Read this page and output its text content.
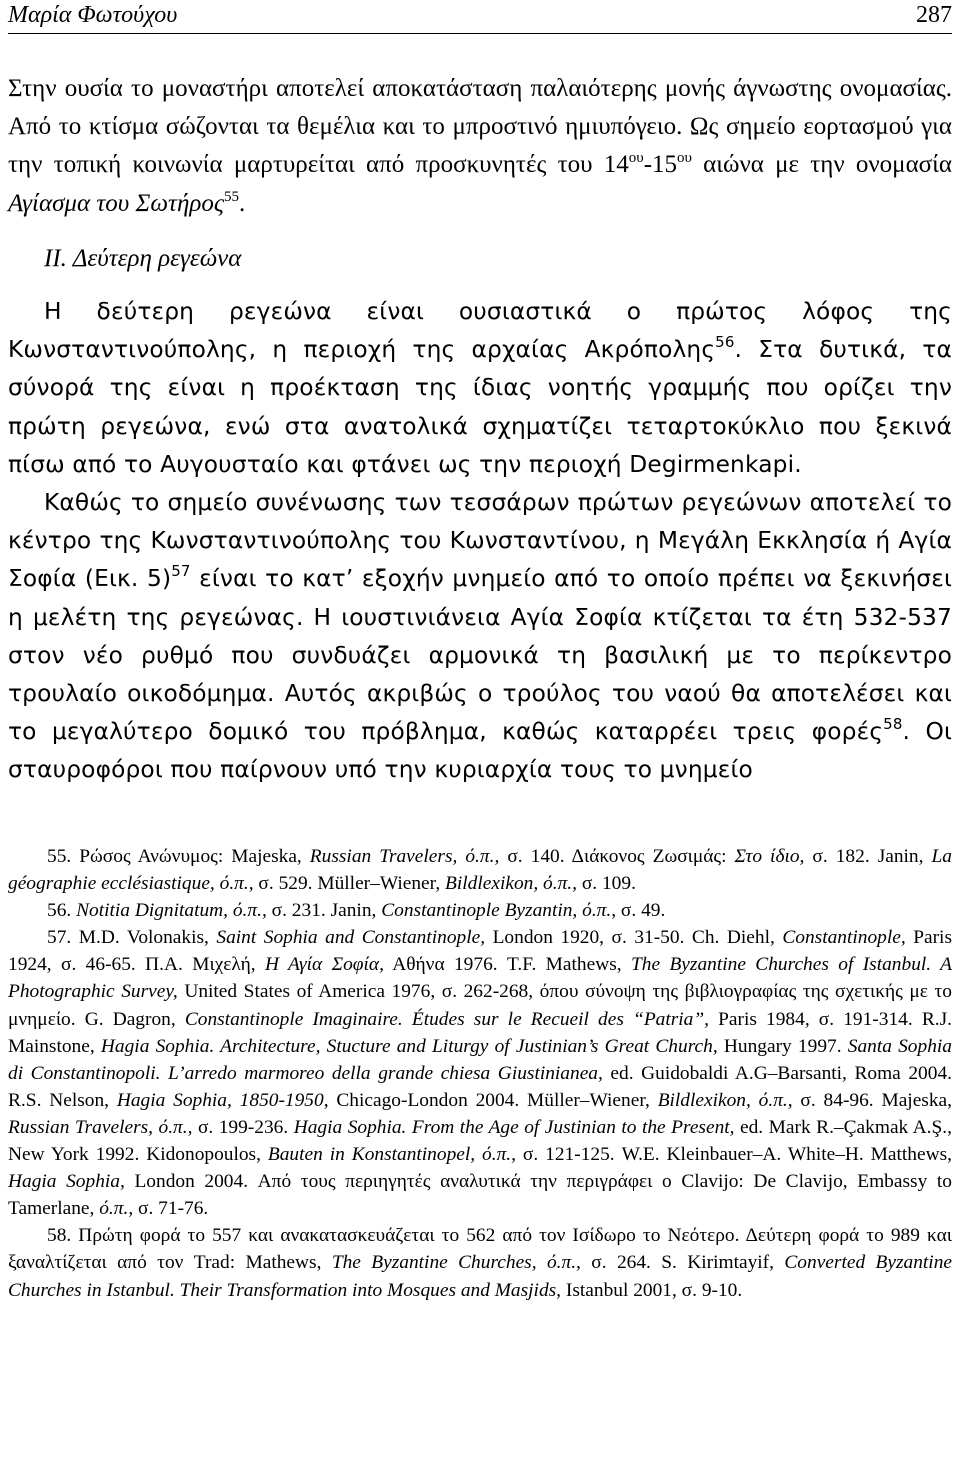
Μαρία Φωτούχου	287

Στην ουσία το μοναστήρι αποτελεί αποκατάσταση παλαιότερης μονής άγνωστης ονομασίας. Από το κτίσμα σώζονται τα θεμέλια και το μπροστινό ημιυπόγειο. Ως σημείο εορτασμού για την τοπική κοινωνία μαρτυρείται από προσκυνητές του $14^{o\upsilon}-15^{o\upsilon}$ αιώνα με την ονομασία Αγίασμα του Σωτήρος$^{55}$.

ΙΙ. Δεύτερη ρεγεώνα

Η δεύτερη ρεγεώνα είναι ουσιαστικά ο πρώτος λόφος της Κωνσταντινούπολης, η περιοχή της αρχαίας Ακρόπολης$^{56}$. Στα δυτικά, τα σύνορά της είναι η προέκταση της ίδιας νοητής γραμμής που ορίζει την πρώτη ρεγεώνα, ενώ στα ανατολικά σχηματίζει τεταρτοκύκλιο που ξεκινά πίσω από το Αυγουσταίο και φτάνει ως την περιοχή Degirmenkapi.

Καθώς το σημείο συνένωσης των τεσσάρων πρώτων ρεγεώνων αποτελεί το κέντρο της Κωνσταντινούπολης του Κωνσταντίνου, η Μεγάλη Εκκλησία ή Αγία Σοφία (Εικ. 5)$^{57}$ είναι το κατ’ εξοχήν μνημείο από το οποίο πρέπει να ξεκινήσει η μελέτη της ρεγεώνας. Η ιουστινιάνεια Αγία Σοφία κτίζεται τα έτη 532-537 στον νέο ρυθμό που συνδυάζει αρμονικά τη βασιλική με το περίκεντρο τρουλαίο οικοδόμημα. Αυτός ακριβώς ο τρούλος του ναού θα αποτελέσει και το μεγαλύτερο δομικό του πρόβλημα, καθώς καταρρέει τρεις φορές$^{58}$. Οι σταυροφόροι που παίρνουν υπό την κυριαρχία τους το μνημείο

55. Ρώσος Ανώνυμος: Majeska, Russian Travelers, ό.π., σ. 140. Διάκονος Ζωσιμάς: Στο ίδιο, σ. 182. Janin, La géographie ecclésiastique, ό.π., σ. 529. Müller–Wiener, Bildlexikon, ό.π., σ. 109.

56. Notitia Dignitatum, ό.π., σ. 231. Janin, Constantinople Byzantin, ό.π., σ. 49.

57. M.D. Volonakis, Saint Sophia and Constantinople, London 1920, σ. 31-50. Ch. Diehl, Constantinople, Paris 1924, σ. 46-65. Π.Α. Μιχελή, Η Αγία Σοφία, Αθήνα 1976. T.F. Mathews, The Byzantine Churches of Istanbul. A Photographic Survey, United States of America 1976, σ. 262-268, όπου σύνοψη της βιβλιογραφίας της σχετικής με το μνημείο. G. Dagron, Constantinople Imaginaire. Études sur le Recueil des “Patria”, Paris 1984, σ. 191-314. R.J. Mainstone, Hagia Sophia. Architecture, Stucture and Liturgy of Justinian’s Great Church, Hungary 1997. Santa Sophia di Constantinopoli. L’arredo marmoreo della grande chiesa Giustinianea, ed. Guidobaldi A.G–Barsanti, Roma 2004. R.S. Nelson, Hagia Sophia, 1850-1950, Chicago-London 2004. Müller–Wiener, Bildlexikon, ό.π., σ. 84-96. Majeska, Russian Travelers, ό.π., σ. 199-236. Hagia Sophia. From the Age of Justinian to the Present, ed. Mark R.–Çakmak A.Ş., New York 1992. Kidonopoulos, Bauten in Konstantinopel, ό.π., σ. 121-125. W.E. Kleinbauer–A. White–H. Matthews, Hagia Sophia, London 2004. Από τους περιηγητές αναλυτικά την περιγράφει ο Clavijo: De Clavijo, Embassy to Tamerlane, ό.π., σ. 71-76.

58. Πρώτη φορά το 557 και ανακατασκευάζεται το 562 από τον Ισίδωρο το Νεότερο. Δεύτερη φορά το 989 και ξαναλτίζεται από τον Trad: Mathews, The Byzantine Churches, ό.π., σ. 264. S. Kirimtayif, Converted Byzantine Churches in Istanbul. Their Transformation into Mosques and Masjids, Istanbul 2001, σ. 9-10.
